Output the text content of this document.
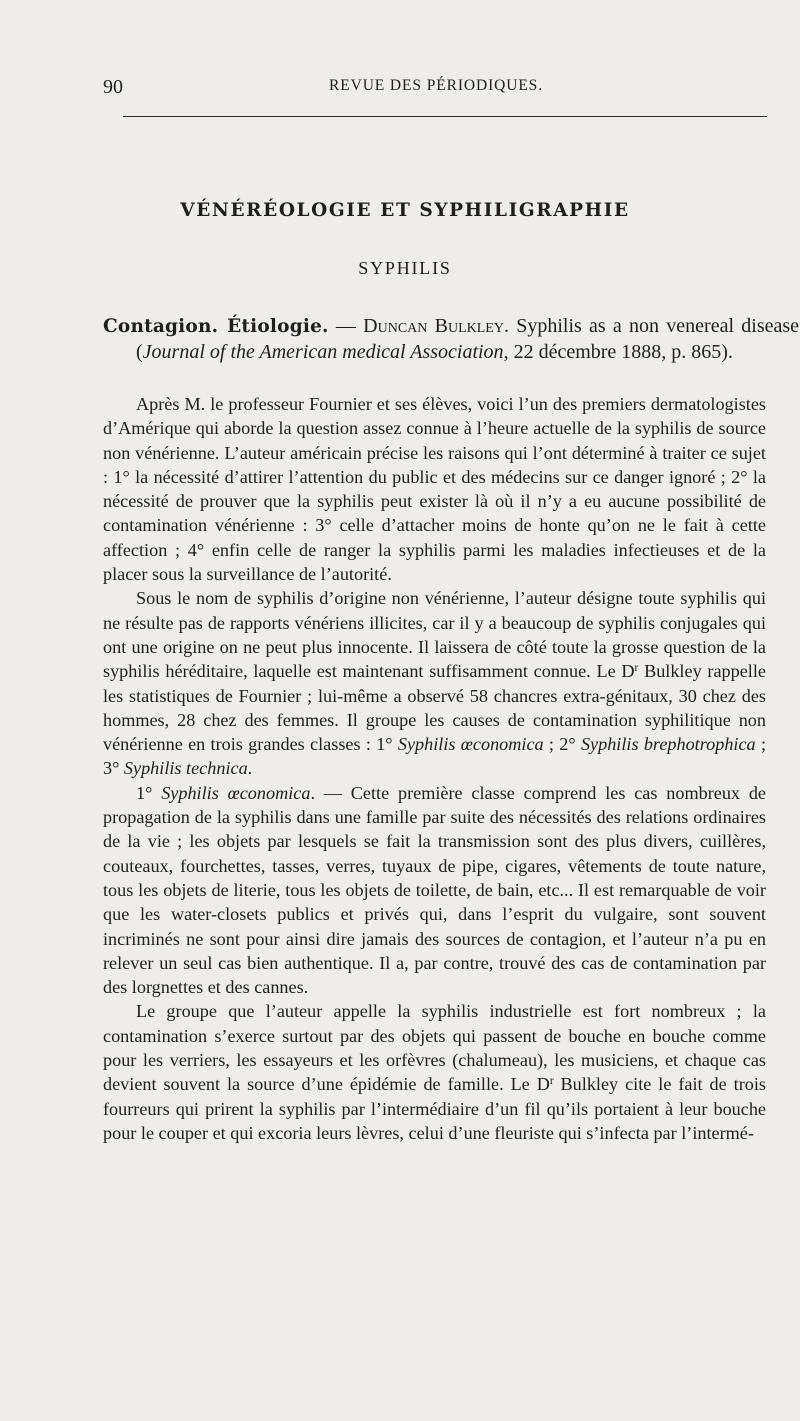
90	REVUE DES PÉRIODIQUES.
VÉNÉRÉOLOGIE ET SYPHILIGRAPHIE
SYPHILIS
Contagion. Étiologie. — Duncan Bulkley. Syphilis as a non venereal disease (Journal of the American medical Association, 22 décembre 1888, p. 865).

Après M. le professeur Fournier et ses élèves, voici l’un des premiers dermatologistes d’Amérique qui aborde la question assez connue à l’heure actuelle de la syphilis de source non vénérienne. L’auteur américain précise les raisons qui l’ont déterminé à traiter ce sujet : 1° la nécessité d’attirer l’attention du public et des médecins sur ce danger ignoré ; 2° la nécessité de prouver que la syphilis peut exister là où il n’y a eu aucune possibilité de contamination vénérienne : 3° celle d’attacher moins de honte qu’on ne le fait à cette affection ; 4° enfin celle de ranger la syphilis parmi les maladies infectieuses et de la placer sous la surveillance de l’autorité.

Sous le nom de syphilis d’origine non vénérienne, l’auteur désigne toute syphilis qui ne résulte pas de rapports vénériens illicites, car il y a beaucoup de syphilis conjugales qui ont une origine on ne peut plus innocente. Il laissera de côté toute la grosse question de la syphilis héréditaire, laquelle est maintenant suffisamment connue. Le $D^r$ Bulkley rappelle les statistiques de Fournier ; lui-même a observé 58 chancres extra-génitaux, 30 chez des hommes, 28 chez des femmes. Il groupe les causes de contamination syphilitique non vénérienne en trois grandes classes : 1° Syphilis œconomica ; 2° Syphilis brephotrophica ; 3° Syphilis technica.

1° Syphilis œconomica. — Cette première classe comprend les cas nombreux de propagation de la syphilis dans une famille par suite des nécessités des relations ordinaires de la vie ; les objets par lesquels se fait la transmission sont des plus divers, cuillères, couteaux, fourchettes, tasses, verres, tuyaux de pipe, cigares, vêtements de toute nature, tous les objets de literie, tous les objets de toilette, de bain, etc... Il est remarquable de voir que les water-closets publics et privés qui, dans l’esprit du vulgaire, sont souvent incriminés ne sont pour ainsi dire jamais des sources de contagion, et l’auteur n’a pu en relever un seul cas bien authentique. Il a, par contre, trouvé des cas de contamination par des lorgnettes et des cannes.

Le groupe que l’auteur appelle la syphilis industrielle est fort nombreux ; la contamination s’exerce surtout par des objets qui passent de bouche en bouche comme pour les verriers, les essayeurs et les orfèvres (chalumeau), les musiciens, et chaque cas devient souvent la source d’une épidémie de famille. Le $D^r$ Bulkley cite le fait de trois fourreurs qui prirent la syphilis par l’intermédiaire d’un fil qu’ils portaient à leur bouche pour le couper et qui excoria leurs lèvres, celui d’une fleuriste qui s’infecta par l’intermé-
